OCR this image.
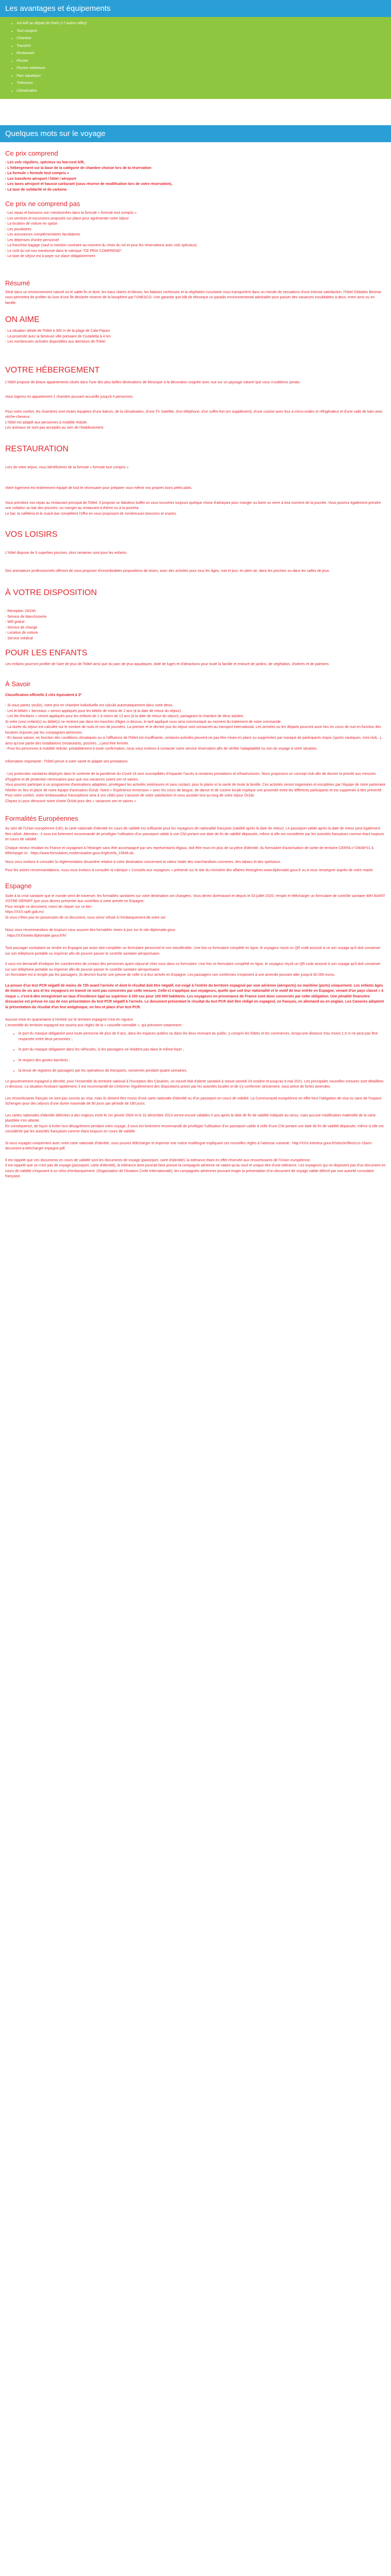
Les avantages et équipements
• Vol A/R au départ de Paris (+7 autres villes)
• Tout compris
• Chambre
• Transfert
• Restaurant
• Piscine
• Piscine extérieure
• Parc aquatique
• Télévision
• Climatisation
Quelques mots sur le voyage
Ce prix comprend
- Les vols réguliers, spécieux ou low-cost A/R,
- L'hébergement sur la base de la catégorie de chambre choisie lors de la réservation
- La formule « formule tout compris »
- Les transferts aéroport / hôtel / aéroport
- Les taxes aéroport et hausse carburant (sous réserve de modification lors de votre réservation),
- La taxe de solidarité et de carbone.
Ce prix ne comprend pas
- Les repas et boissons non mentionnées dans la formule « formule tout compris »
- Les services et excursions proposés sur place pour agrémenter votre séjour
- La location de voiture en option
- Les pourboires
- Les assurances complémentaires facultatives
- Les dépenses d'ordre personnel
- La franchise bagage (sauf si mention contraire au moment du choix du vol et pour les réservations avec vols spéciaux)
- Le coût du vol non mentionné dans le rubrique "CE PRIX COMPREND"
- La taxe de séjour est à payer sur place obligatoirement
Résumé

Situé dans un environnement naturel où le sable fin et doré, les eaux claires et bleues, les falaises rocheuses et la végétation luxuriante vous transportent dans un monde de sensations d'une intense satisfaction, l'hôtel Globales Binimar vous permettra de profiter du luxe d'une île déclarée réserve de la biosphère par l'UNESCO. Une garantie que bât de Minorque un paradis environnemental admirable pour passer des vacances inoubliables à deux, entre amis ou en famille.

ON AIME
- La situation idéale de l'hôtel à 300 m de la plage de Cala Piques
- La proximité avec la fameuse ville portuaire de Ciutadella à 4 km
- Les nombreuses activités disponibles aux alentours de l'hôtel
VOTRE HÉBERGEMENT

L'hôtel propose de beaux appartements situés dans l'une des plus belles destinations de Minorque à la décoration soignée avec vue sur un paysage naturel que vous n'oublierez jamais.

Vous logerez en appartement 1 chambre pouvant accueillir jusqu'à 4 personnes.

Pour votre confort, les chambres sont toutes équipées d'une balcon, de la climatisation, d'une TV Satellite, d'un téléphone, d'un coffre-fort (en supplément), d'une cuisine avec four à micro-ondes et réfrigérateur et d'une salle de bain avec sèche-cheveux.
L'hôtel est adapté aux personnes à mobilité réduite.
Les animaux ne sont pas acceptés au sein de l'établissement.

RESTAURATION

Lors de votre séjour, vous bénéficierez de la formule « formule tout compris »

Votre logement est entièrement équipé de tout le nécessaire pour préparer vous-même vos propres bons petits plats.

Vous prendrez vos repas au restaurant principal de l'hôtel. Il propose un fabuleux buffet où vous trouverez toujours quelque chose d'attrayant pour manger ou boire un verre à tout moment de la journée. Vous pourrez également prendre une collation au bar des piscines, ou manger au restaurant à thème ou à la pizzeria.
Le bar, la cafétéria et le snack-bar complètent l'offre en vous proposant de nombreuses boissons et snacks.

VOS LOISIRS

L'hôtel dispose de 3 superbes piscines, dont certaines sont pour les enfants.

Des animateurs professionnels offriront de vous proposer d'innombrables propositions de loisirs, avec des activités pour tous les âges, nuit et jour, en plein air, dans les piscines ou dans les salles de jeux.

À VOTRE DISPOSITION
- Réception 24/24h
- Service de blanchisserie
- Wifi gratuit
- Service de change
- Location de voiture
- Service médical
POUR LES ENFANTS

Les enfants pourront profiter de l'aire de jeux de l'hôtel ainsi que du parc de jeux aquatiques, doté de luges et d'attractions pour toute la famille et entouré de jardins, de végétation, d'arbres et de palmiers.

À Savoir

Classification officielle 2 clés équivalent à 3*

- Si vous partez seul(e), votre prix en chambre individuelle est calculé automatiquement dans votre devis.
- Les lit bébés « berceaux » seront appliqués pour les bébés de moins de 2 ans (à la date de retour du séjour).
- Les lits d'enfants « seront appliqués pour les enfants de 2 à moins de 12 ans (à la date de retour du séjour), partageant la chambre de deux adultes.
Si votre (vos) enfant(s) ou bébé(s) ne rentrent par dans les tranches d'âges ci-dessus, le tarif appliqué vous sera communiqué au moment du traitement de votre commande.
- La durée du séjour est calculée sur le nombre de nuits et non de journées. La premier et le dernier jour du séjour sont consacrés au transport international. Les arrivées ou les départs pourront avoir lieu en cours de nuit en fonction des horaires imposés par les compagnies aériennes.
- En basse saison, en fonction des conditions climatiques ou si l'affluence de l'hôtel est insuffisante, certaines activités peuvent ne pas être mises en place ou supprimées par manque de participants requis (sports nautiques, mini-club...), ainsi qu'une partie des installations (restaurants, piscines...) peut être fermée.
- Pour les personnes à mobilité réduite, préalablement à toute confirmation, nous vous invitons à contacter notre service réservation afin de vérifier l'adaptabilité ou non du voyage à votre situation.

Information importante : l'hôtel pensé à votre santé et adapte ses prestations

- Les protocoles sanitaires déployés dans le contexte de la pandémie du Covid-19 sont susceptibles d'impacter l'accès à certaines prestations et infrastructures. Nous proposons un concept club afin de donner la priorité aux mesures d'hygiène et de protection nécessaires pour que vos vacances soient zen et saines.
Vous pourrez participer à un programme d'animations adaptées, privilégiant les activités extérieures et sans contact, pour le plaisir et la santé de toute la famille. Ces activités seront organisées et encadrées par l'équipe de notre partenaire hôtelier en lieu et place de notre équipe d'animation Óclub. Notre « Expérience immersion » avec les cours de langue, de danse et de cuisine locale implique une proximité entre les différents participants et est supprimée à titre préventif.
Pour votre confort, notre Ambassadeur francophone sera à vos côtés pour s'assurer de votre satisfaction et vous assister tout au long de votre séjour Óclub.
Cliquez ici pour découvrir notre charte Óclub pour des « vacances zen et saines »
Formalités Européennes

Au sein de l'Union européenne (UE), la carte nationale d'identité en cours de validité est suffisante pour les voyageurs de nationalité française (validité après la date de retour). Le passeport valide après la date de retour peut également être utilisé. Attention : il vous est fortement recommandé de privilégier l'utilisation d'un passeport valide à une CNI portant une date de fin de validité dépassée, même si elle est considérée par les autorités françaises comme étant toujours en cours de validité.

Chaque mineur résidant en France et voyageant à l'étranger sans être accompagné par ses représentants légaux, doit être muni en plus de sa pièce d'identité, du formulaire d'autorisation de sortie de territoire CERFA n°15646*01 à télécharger ici : https://www.formulaires.modernisation.gouv.fr/gf/cerfa_15646.do.

Nous vous invitons à consulter la réglementation douanière relative à votre destination concernant la valeur totale des marchandises connexes, des tabacs et des spiritueux.

Pour les autres recommandations, nous vous invitons à consulter la rubrique « Conseils aux voyageurs » présente sur le site du ministère des affaires étrangères www.diplomatie.gouv.fr ou à vous renseigner auprès de votre mairie.

Espagne

Suite à la crise sanitaire que le monde vient de traverser, les formalités sanitaires sur votre destination ont changées. Vous devez dorénavant et depuis le 03 juillet 2020, remplir et télécharger un formulaire de contrôle sanitaire 48H AVANT VOTRE DÉPART que vous devrez présenter aux contrôles à votre arrivée en Espagne.
Pour remplir ce document, merci de cliquer sur ce lien :
https://XXX.spth.gob.es/
Si vous n'êtes pas en possession de ce document, vous serez refusé à l'embarquement de votre vol.

Nous vous recommandons de toujours vous assurer des formalités mises à jour sur le site diplomatie.gouv
: https://XXXwww.diplomatie.gouv.fr/fr/

Tout passager souhaitant se rendre en Espagne par avion doit compléter un formulaire personnel et non transférable. Une fois ce formulaire complété en ligne, le voyageur reçoit un QR code associé à ce son voyage qu'il doit conserver sur son téléphone portable ou imprimer afin de pouvoir passer le contrôle sanitaire aéroportuaire.

Il vous est demandé d'indiquer les coordonnées de contact des personnes ayant séjourné chez vous dans ce formulaire. Une fois ce formulaire complété en ligne, le voyageur reçoit un QR code associé à son voyage qu'il doit conserver sur son téléphone portable ou imprimer afin de pouvoir passer le contrôle sanitaire aéroportuaire.
Un formulaire est à remplir par les passagers, ils devront fournir une preuve de celle-ci à leur arrivée en Espagne. Les passagers non conformes s'exposent à une amende pouvant aller jusqu'à 60 000 euros.

La preuve d'un test PCR négatif de moins de 72h avant l'arrivée et dont le résultat doit être négatif, est exigé à l'entrée du territoire espagnol par voie aérienne (aéroports) ou maritime (ports) uniquement. Les enfants âgés de moins de six ans et les voyageurs en transit ne sont pas concernés par cette mesure. Celle-ci s'applique aux voyageurs, quelle que soit leur nationalité et le motif de leur entrée en Espagne, venant d'un pays classé « à risque », c'est-à-dire enregistrant un taux d'incidence égal ou supérieur à 150 cas pour 100 000 habitants. Les voyageurs en provenance de France sont donc concernés par cette obligation. Une pénalité financière dissuasive est prévue en cas de non présentation du test PCR négatif à l'arrivée. Le document présentant le résultat du test PCR doit être rédigé en espagnol, en français, en allemand ou en anglais. Les Canaries adoptent la présentation du résultat d'un test antigénique, en lieu et place d'un test PCR.

Aucune mise en quarantaine à l'entrée sur le territoire espagnol n'est en vigueur.
L'ensemble du territoire espagnol est soumis aux règles de la « nouvelle normalité », qui prévoient notamment :

• le port du masque obligatoire pour toute personne de plus de 6 ans, dans les espaces publics ou dans les lieux recevant du public, y compris les hôtels et les commerces, lorsqu'une distance d'au moins 1,5 m ne peut pas être respectée entre deux personnes ;
• le port du masque obligatoire dans les véhicules, si les passagers ne résident pas dans le même foyer ;
• le respect des gestes barrières ;
• la tenue de registres de passagers par les opérateurs de transports, conservés pendant quatre semaines.

Le gouvernement espagnol a décrété, pour l'ensemble du territoire national à l'exception des Canaries, un nouvel état d'alerte sanitaire à minuit samedi 24 octobre et jusqu'au 9 mai 2021. Les principales nouvelles mesures sont détaillées ci-dessous. La situation évoluant rapidement, il est recommandé de s'informer régulièrement des dispositions prises par les autorités locales et de s'y conformer strictement, sous peine de fortes amendes.

Les ressortissants français ne sont pas soumis au visa, mais ils doivent être munis d'une carte nationale d'identité ou d'un passeport en cours de validité. La Communauté européenne en effet tient l'obligation de visa ou sans de l'espace Schengen pour des séjours d'une durée maximale de 90 jours par période de 180 jours.

Les cartes nationales d'identité délivrées à des majeurs entre le 1er janvier 2004 et le 31 décembre 2013 seront encore valables 5 ans après la date de fin de validité indiquée au verso, mais aucune modification matérielle de la carte plastifiée n'en atteste.
En conséquence, de façon à éviter tout désagrément pendant votre voyage, il vous est fortement recommandé de privilégier l'utilisation d'un passeport valide à celle d'une CNI portant une date de fin de validité dépassée, même si elle est considérée par les autorités françaises comme étant toujours en cours de validité.

Si vous voyagez uniquement avec votre carte nationale d'identité, vous pouvez télécharger et imprimer une notice multilingue expliquant ces nouvelles règles à l'adresse suivante : http://XXX.interieur.gouv.fr/sites/in/files/ccs-15ans-document-a-telecharger-espagne.pdf.

Il est rappelé que ces documents en cours de validité sont les documents de voyage (passeport, carte d'identité), la tolérance étant en effet réservée aux ressortissants de l'Union européenne.
Il est rappelé que ce n'est pas de voyage (passeport, carte d'identité), la tolérance dont pourrait faire preuve la compagnie aérienne ne valant qu'au seul et unique titre d'une tolérance. Les voyageurs qui ne disposent pas d'un document en cours de validité s'exposent à un refus d'embarquement. (Organisation de l'Aviation Civile Internationale), les compagnies aériennes pouvant exiger la présentation d'un document de voyage valide délivré par une autorité consulaire française.
